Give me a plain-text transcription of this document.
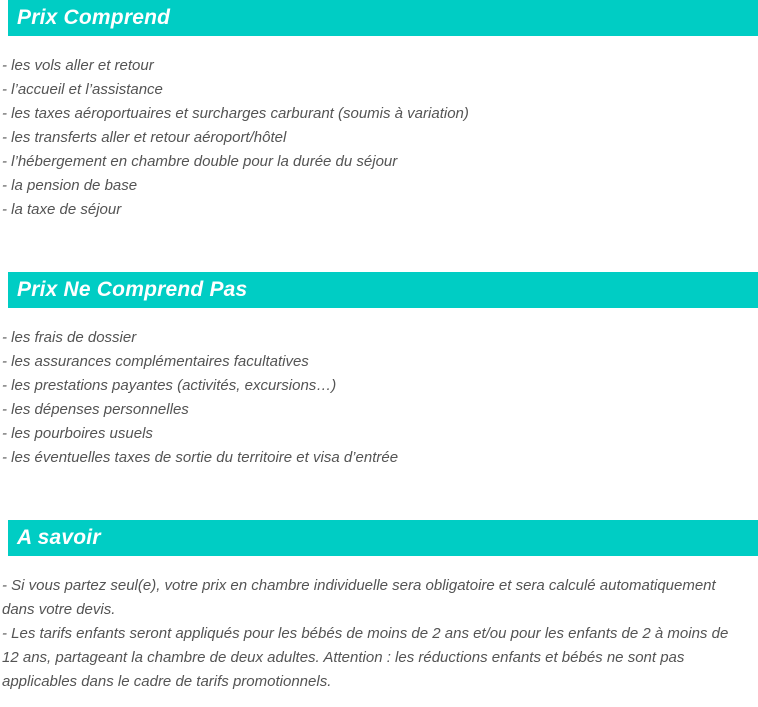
Prix Comprend
- les vols aller et retour
- l’accueil et l’assistance
- les taxes aéroportuaires et surcharges carburant (soumis à variation)
- les transferts aller et retour aéroport/hôtel
- l’hébergement en chambre double pour la durée du séjour
- la pension de base
- la taxe de séjour
Prix Ne Comprend Pas
- les frais de dossier
- les assurances complémentaires facultatives
- les prestations payantes (activités, excursions…)
- les dépenses personnelles
- les pourboires usuels
- les éventuelles taxes de sortie du territoire et visa d’entrée
A savoir
- Si vous partez seul(e), votre prix en chambre individuelle sera obligatoire et sera calculé automatiquement dans votre devis.
- Les tarifs enfants seront appliqués pour les bébés de moins de 2 ans et/ou pour les enfants de 2 à moins de 12 ans, partageant la chambre de deux adultes. Attention : les réductions enfants et bébés ne sont pas applicables dans le cadre de tarifs promotionnels.
